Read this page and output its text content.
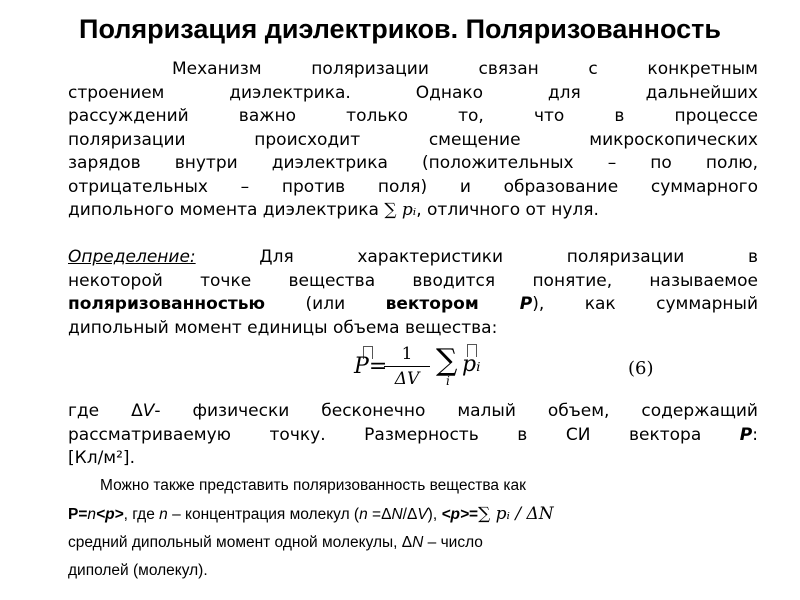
Поляризация диэлектриков. Поляризованность
Механизм поляризации связан с конкретным
строением диэлектрика. Однако для дальнейших
рассуждений важно только то, что в процессе
поляризации происходит смещение микроскопических
зарядов внутри диэлектрика (положительных – по полю,
отрицательных – против поля) и образование суммарного
дипольного момента диэлектрика ∑ pᵢ, отличного от нуля.
Определение:	Для характеристики поляризации в
некоторой точке вещества вводится понятие, называемое
поляризованностью (или вектором P), как суммарный
дипольный момент единицы объема вещества:
P= 1
ΔV
∑
i
pᵢ	(6)
где ΔV- физически бесконечно малый объем, содержащий
рассматриваемую точку. Размерность в СИ вектора P:
[Кл/м²].
Можно также представить поляризованность вещества как
P=n<p>, где n – концентрация молекул (n =ΔN/ΔV), <p>=∑ pᵢ / ΔN
средний дипольный момент одной молекулы, ΔN – число
диполей (молекул).
